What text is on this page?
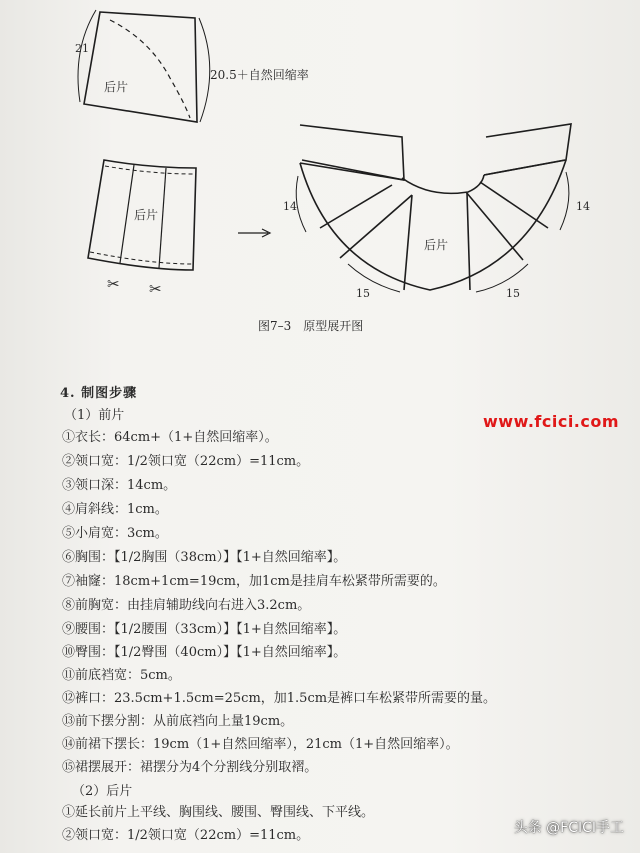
21
20.5＋自然回缩率
后片
后片
后片
14	14
15	15
✂ ✂
图7–3　原型展开图
4. 制图步骤
（1）前片
①衣长：64cm+（1+自然回缩率）。
②领口宽：1/2领口宽（22cm）=11cm。
③领口深：14cm。
④肩斜线：1cm。
⑤小肩宽：3cm。
⑥胸围：【1/2胸围（38cm）】【1+自然回缩率】。
⑦袖窿：18cm+1cm=19cm，加1cm是挂肩车松紧带所需要的。
⑧前胸宽：由挂肩辅助线向右进入3.2cm。
⑨腰围：【1/2腰围（33cm）】【1+自然回缩率】。
⑩臀围：【1/2臀围（40cm）】【1+自然回缩率】。
⑪前底裆宽：5cm。
⑫裤口：23.5cm+1.5cm=25cm，加1.5cm是裤口车松紧带所需要的量。
⑬前下摆分割：从前底裆向上量19cm。
⑭前裙下摆长：19cm（1+自然回缩率），21cm（1+自然回缩率）。
⑮裙摆展开：裙摆分为4个分割线分别取褶。
（2）后片
①延长前片上平线、胸围线、腰围、臀围线、下平线。
②领口宽：1/2领口宽（22cm）=11cm。
www.fcici.com
头条 @FCICI手工
